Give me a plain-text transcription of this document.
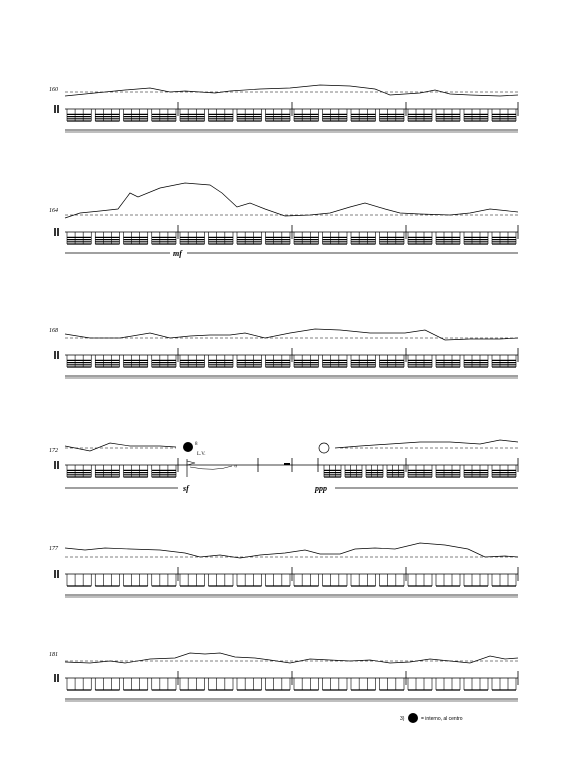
160
164
mf
168
172
8
L.V.
ᵞ𝄽
sf	ppp
177
181
3)	= interno, al centro
